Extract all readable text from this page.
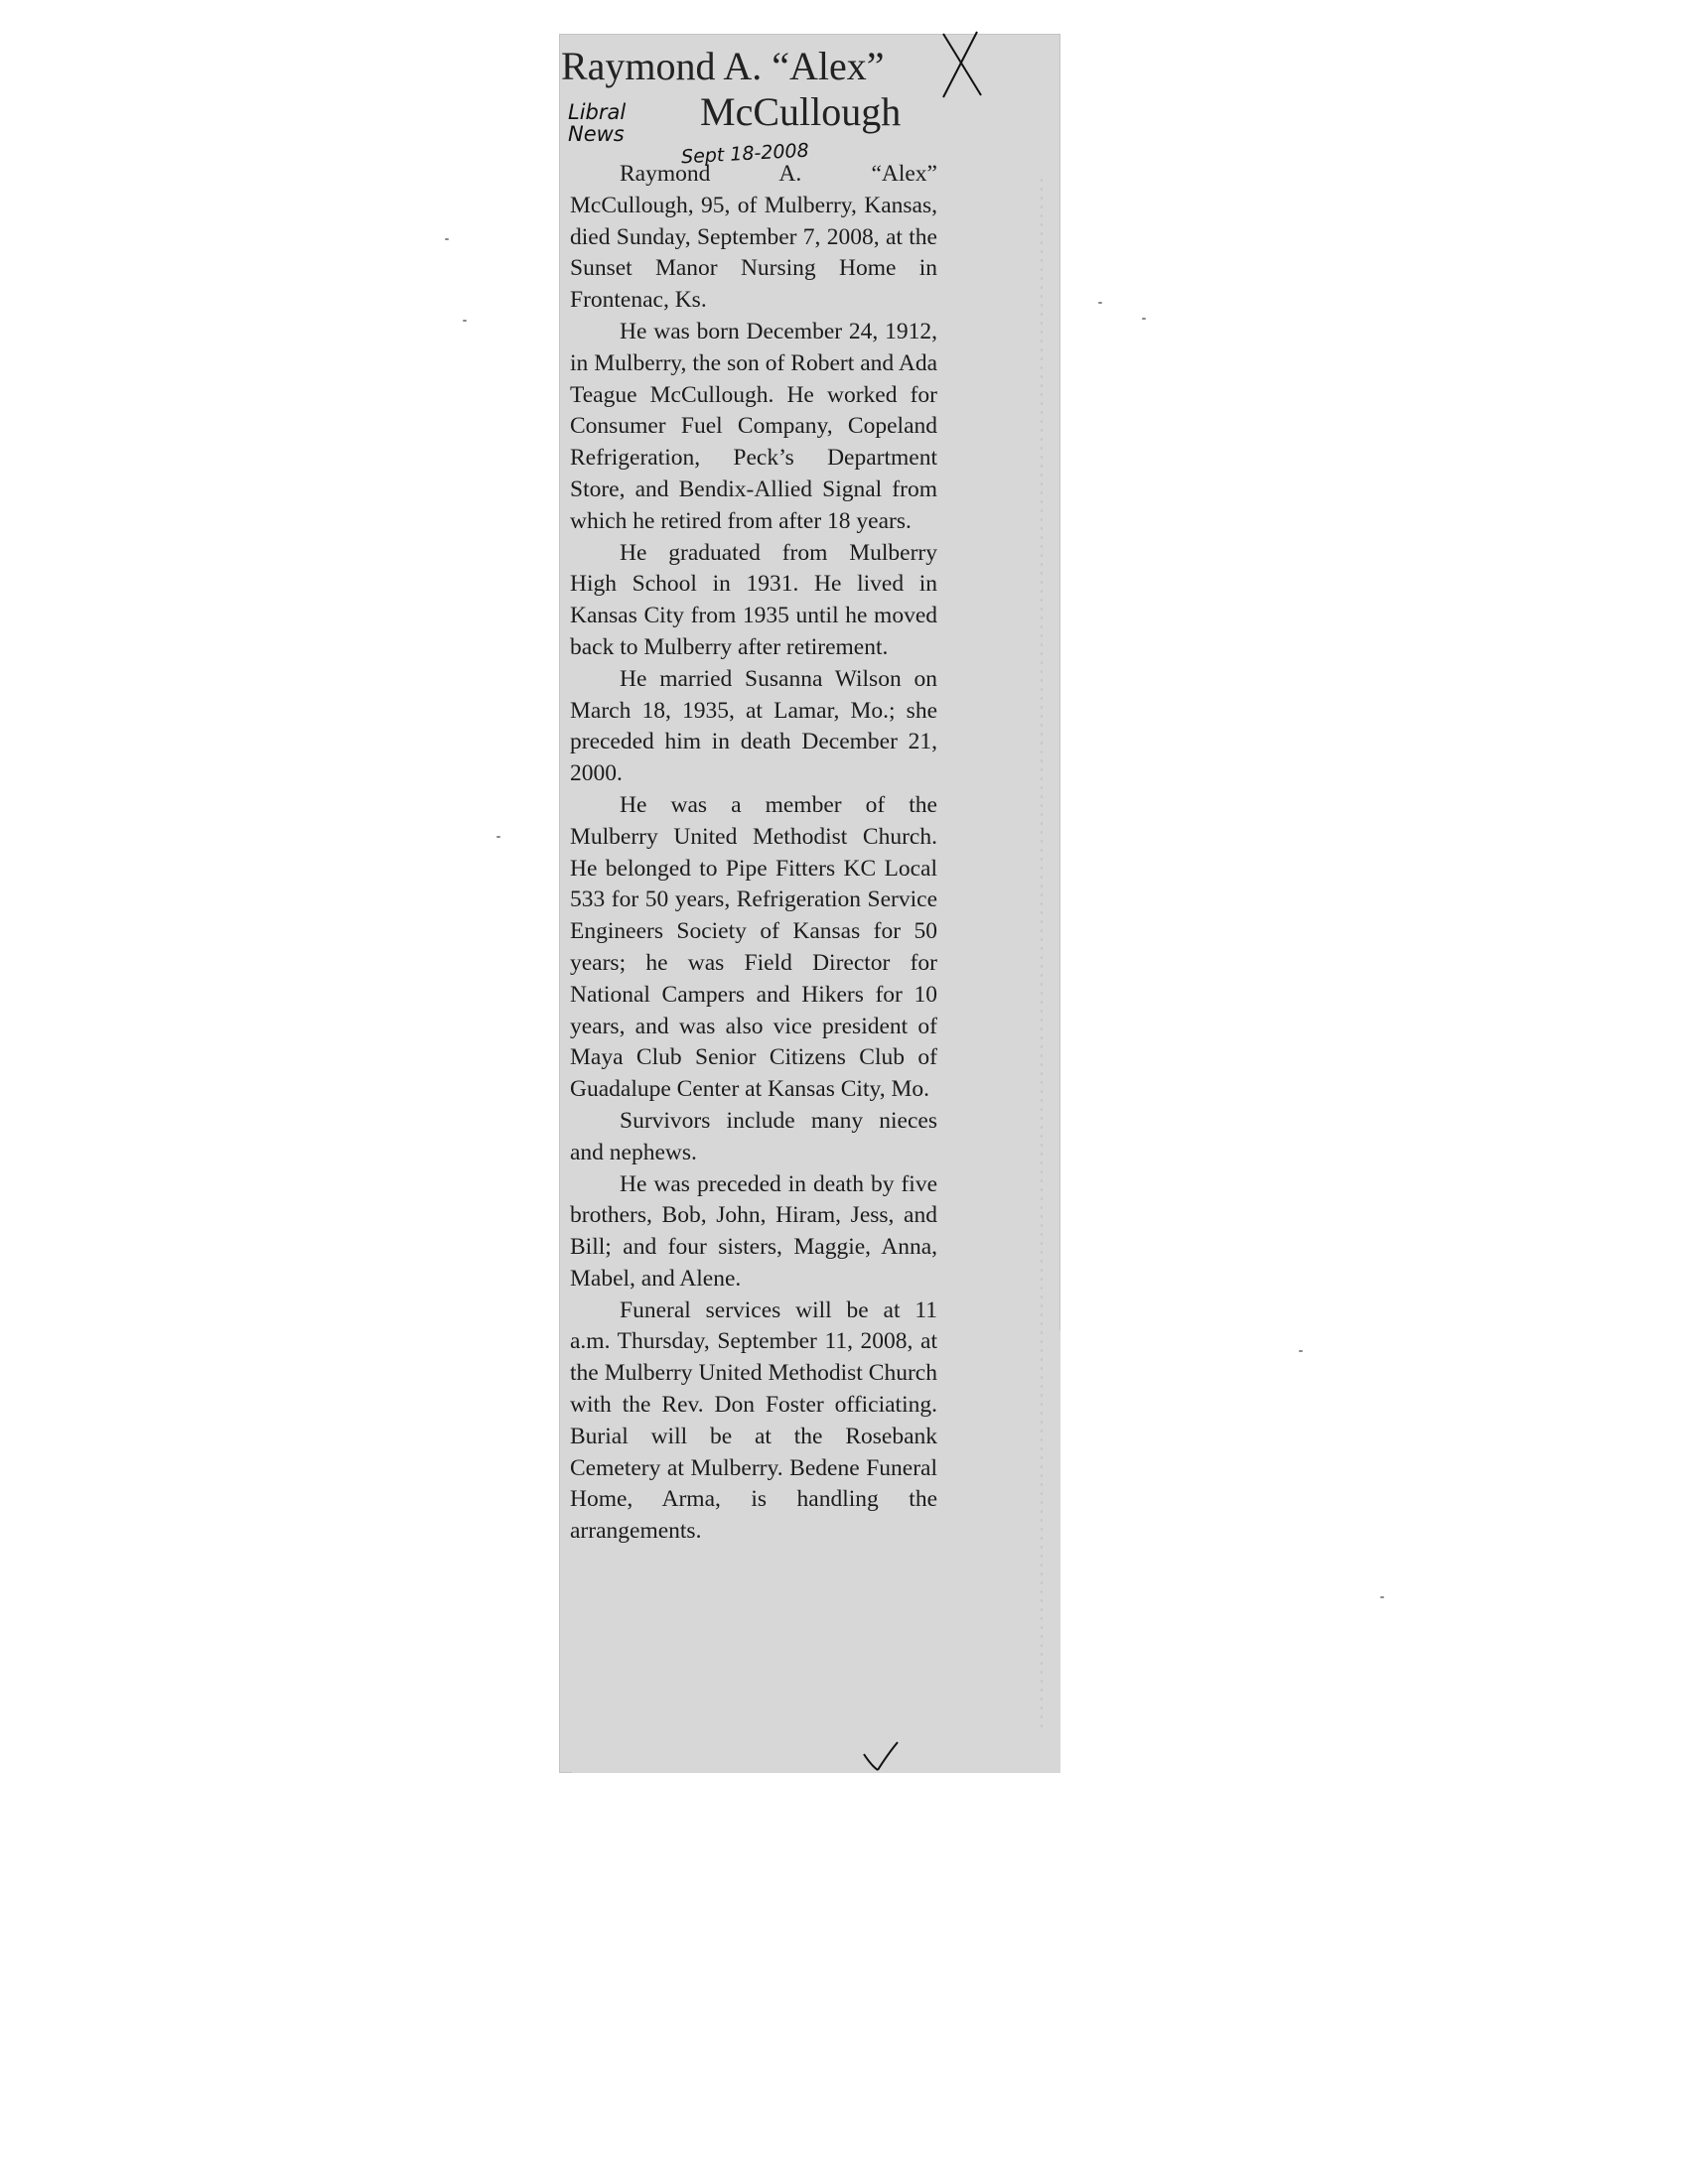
Raymond A. “Alex”
McCullough
Libral
News
Sept 18-2008

Raymond A. “Alex” McCullough, 95, of Mulberry, Kansas, died Sunday, September 7, 2008, at the Sunset Manor Nursing Home in Frontenac, Ks.

He was born December 24, 1912, in Mulberry, the son of Robert and Ada Teague McCullough. He worked for Consumer Fuel Company, Copeland Refrigeration, Peck’s Department Store, and Bendix-Allied Signal from which he retired from after 18 years.

He graduated from Mulberry High School in 1931. He lived in Kansas City from 1935 until he moved back to Mulberry after retirement.

He married Susanna Wilson on March 18, 1935, at Lamar, Mo.; she preceded him in death December 21, 2000.

He was a member of the Mulberry United Methodist Church. He belonged to Pipe Fitters KC Local 533 for 50 years, Refrigeration Service Engineers Society of Kansas for 50 years; he was Field Director for National Campers and Hikers for 10 years, and was also vice president of Maya Club Senior Citizens Club of Guadalupe Center at Kansas City, Mo.

Survivors include many nieces and nephews.

He was preceded in death by five brothers, Bob, John, Hiram, Jess, and Bill; and four sisters, Maggie, Anna, Mabel, and Alene.

Funeral services will be at 11 a.m. Thursday, September 11, 2008, at the Mulberry United Methodist Church with the Rev. Don Foster officiating. Burial will be at the Rosebank Cemetery at Mulberry. Bedene Funeral Home, Arma, is handling the arrangements.
